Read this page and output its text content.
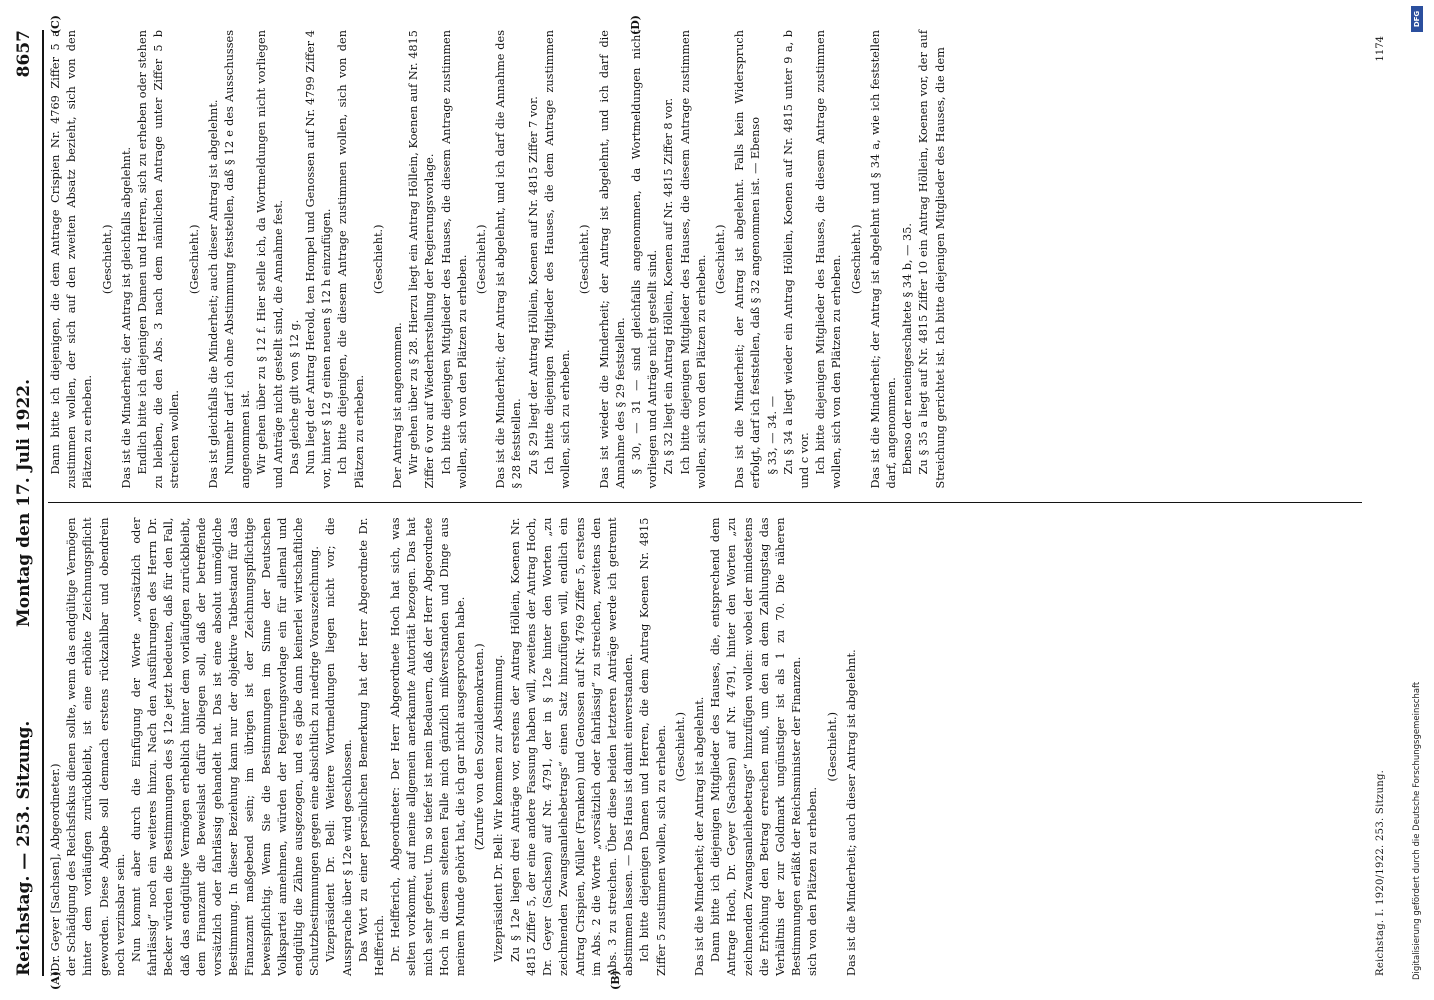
Reichstag. — 253. Sitzung.
Montag den 17. Juli 1922.
8657
(A)	(B)

(Dr. Geyer [Sachsen], Abgeordneter.) der Schädigung des Reichsfiskus dienen sollte, wenn das endgültige Vermögen hinter dem vorläufigen zurückbleibt, ist eine erhöhte Zeichnungspflicht geworden. Diese Abgabe soll demnach erstens rückzahlbar und obendrein noch verzinsbar sein. Nun kommt aber durch die Einfügung der Worte „vorsätzlich oder fahrlässig“ noch ein weiteres hinzu. Nach den Ausführungen des Herrn Dr. Becker würden die Bestimmungen des § 12e jetzt bedeuten, daß für den Fall, daß das endgültige Vermögen erheblich hinter dem vorläufigen zurückbleibt, dem Finanzamt die Beweislast dafür obliegen soll, daß der betreffende vorsätzlich oder fahrlässig gehandelt hat. Das ist eine absolut unmögliche Bestimmung. In dieser Beziehung kann nur der objektive Tatbestand für das Finanzamt maßgebend sein; im übrigen ist der Zeichnungspflichtige beweispflichtig. Wenn Sie die Bestimmungen im Sinne der Deutschen Volkspartei annehmen, würden der Regierungsvorlage ein für allemal und endgültig die Zähne ausgezogen, und es gäbe dann keinerlei wirtschaftliche Schutzbestimmungen gegen eine absichtlich zu niedrige Vorauszeichnung. Vizepräsident Dr. Bell: Weitere Wortmeldungen liegen nicht vor; die Aussprache über § 12e wird geschlossen. Das Wort zu einer persönlichen Bemerkung hat der Herr Abgeordnete Dr. Helfferich. Dr. Helfferich, Abgeordneter: Der Herr Abgeordnete Hoch hat sich, was selten vorkommt, auf meine allgemein anerkannte Autorität bezogen. Das hat mich sehr gefreut. Um so tiefer ist mein Bedauern, daß der Herr Abgeordnete Hoch in diesem seltenen Falle mich gänzlich mißverstanden und Dinge aus meinem Munde gehört hat, die ich gar nicht ausgesprochen habe. (Zurufe von den Sozialdemokraten.) Vizepräsident Dr. Bell: Wir kommen zur Abstimmung. Zu § 12e liegen drei Anträge vor, erstens der Antrag Höllein, Koenen Nr. 4815 Ziffer 5, der eine andere Fassung haben will, zweitens der Antrag Hoch, Dr. Geyer (Sachsen) auf Nr. 4791, der in § 12e hinter den Worten „zu zeichnenden Zwangsanleihebetrags“ einen Satz hinzufügen will, endlich ein Antrag Crispien, Müller (Franken) und Genossen auf Nr. 4769 Ziffer 5, erstens im Abs. 2 die Worte „vorsätzlich oder fahrlässig“ zu streichen, zweitens den Abs. 3 zu streichen. Über diese beiden letzteren Anträge werde ich getrennt abstimmen lassen. — Das Haus ist damit einverstanden. Ich bitte diejenigen Damen und Herren, die dem Antrag Koenen Nr. 4815 Ziffer 5 zustimmen wollen, sich zu erheben. (Geschieht.) Das ist die Minderheit; der Antrag ist abgelehnt. Dann bitte ich diejenigen Mitglieder des Hauses, die, entsprechend dem Antrage Hoch, Dr. Geyer (Sachsen) auf Nr. 4791, hinter den Worten „zu zeichnenden Zwangsanleihebetrags“ hinzufügen wollen: wobei der mindestens die Erhöhung den Betrag erreichen muß, um den an dem Zahlungstag das Verhältnis der zur Goldmark ungünstiger ist als 1 zu 70. Die näheren Bestimmungen erläßt der Reichsminister der Finanzen. sich von den Plätzen zu erheben.

(Geschieht.) Das ist die Minderheit; auch dieser Antrag ist abgelehnt.

(C)	(D)

Dann bitte ich diejenigen, die dem Antrage Crispien Nr. 4769 Ziffer 5 a zustimmen wollen, der sich auf den zweiten Absatz bezieht, sich von den Plätzen zu erheben.

(Geschieht.) Das ist die Minderheit; der Antrag ist gleichfalls abgelehnt. Endlich bitte ich diejenigen Damen und Herren, sich zu erheben oder stehen zu bleiben, die den Abs. 3 nach dem nämlichen Antrage unter Ziffer 5 b streichen wollen.

(Geschieht.) Das ist gleichfalls die Minderheit; auch dieser Antrag ist abgelehnt. Nunmehr darf ich ohne Abstimmung feststellen, daß § 12 e des Ausschusses angenommen ist. Wir gehen über zu § 12 f. Hier stelle ich, da Wortmeldungen nicht vorliegen und Anträge nicht gestellt sind, die Annahme fest. Das gleiche gilt von § 12 g. Nun liegt der Antrag Herold, ten Hompel und Genossen auf Nr. 4799 Ziffer 4 vor, hinter § 12 g einen neuen § 12 h einzufügen. Ich bitte diejenigen, die diesem Antrage zustimmen wollen, sich von den Plätzen zu erheben.

(Geschieht.)

Der Antrag ist angenommen. Wir gehen über zu § 28. Hierzu liegt ein Antrag Höllein, Koenen auf Nr. 4815 Ziffer 6 vor auf Wiederherstellung der Regierungsvorlage. Ich bitte diejenigen Mitglieder des Hauses, die diesem Antrage zustimmen wollen, sich von den Plätzen zu erheben. (Geschieht.) Das ist die Minderheit; der Antrag ist abgelehnt, und ich darf die Annahme des § 28 feststellen. Zu § 29 liegt der Antrag Höllein, Koenen auf Nr. 4815 Ziffer 7 vor. Ich bitte diejenigen Mitglieder des Hauses, die dem Antrage zustimmen wollen, sich zu erheben.

(Geschieht.) Das ist wieder die Minderheit; der Antrag ist abgelehnt, und ich darf die Annahme des § 29 feststellen. § 30, — 31 — sind gleichfalls angenommen, da Wortmeldungen nicht vorliegen und Anträge nicht gestellt sind. Zu § 32 liegt ein Antrag Höllein, Koenen auf Nr. 4815 Ziffer 8 vor. Ich bitte diejenigen Mitglieder des Hauses, die diesem Antrage zustimmen wollen, sich von den Plätzen zu erheben. (Geschieht.) Das ist die Minderheit; der Antrag ist abgelehnt. Falls kein Widerspruch erfolgt, darf ich feststellen, daß § 32 angenommen ist. — Ebenso § 33, — 34. — Zu § 34 a liegt wieder ein Antrag Höllein, Koenen auf Nr. 4815 unter 9 a, b und c vor. Ich bitte diejenigen Mitglieder des Hauses, die diesem Antrage zustimmen wollen, sich von den Plätzen zu erheben. (Geschieht.) Das ist die Minderheit; der Antrag ist abgelehnt und § 34 a, wie ich feststellen darf, angenommen. Ebenso der neueingeschaltete § 34 b, — 35. Zu § 35 a liegt auf Nr. 4815 Ziffer 10 ein Antrag Höllein, Koenen vor, der auf Streichung gerichtet ist. Ich bitte diejenigen Mitglieder des Hauses, die dem

Reichstag. I. 1920/1922. 253. Sitzung.
1174
DFG
Digitalisierung gefördert durch die Deutsche Forschungsgemeinschaft
